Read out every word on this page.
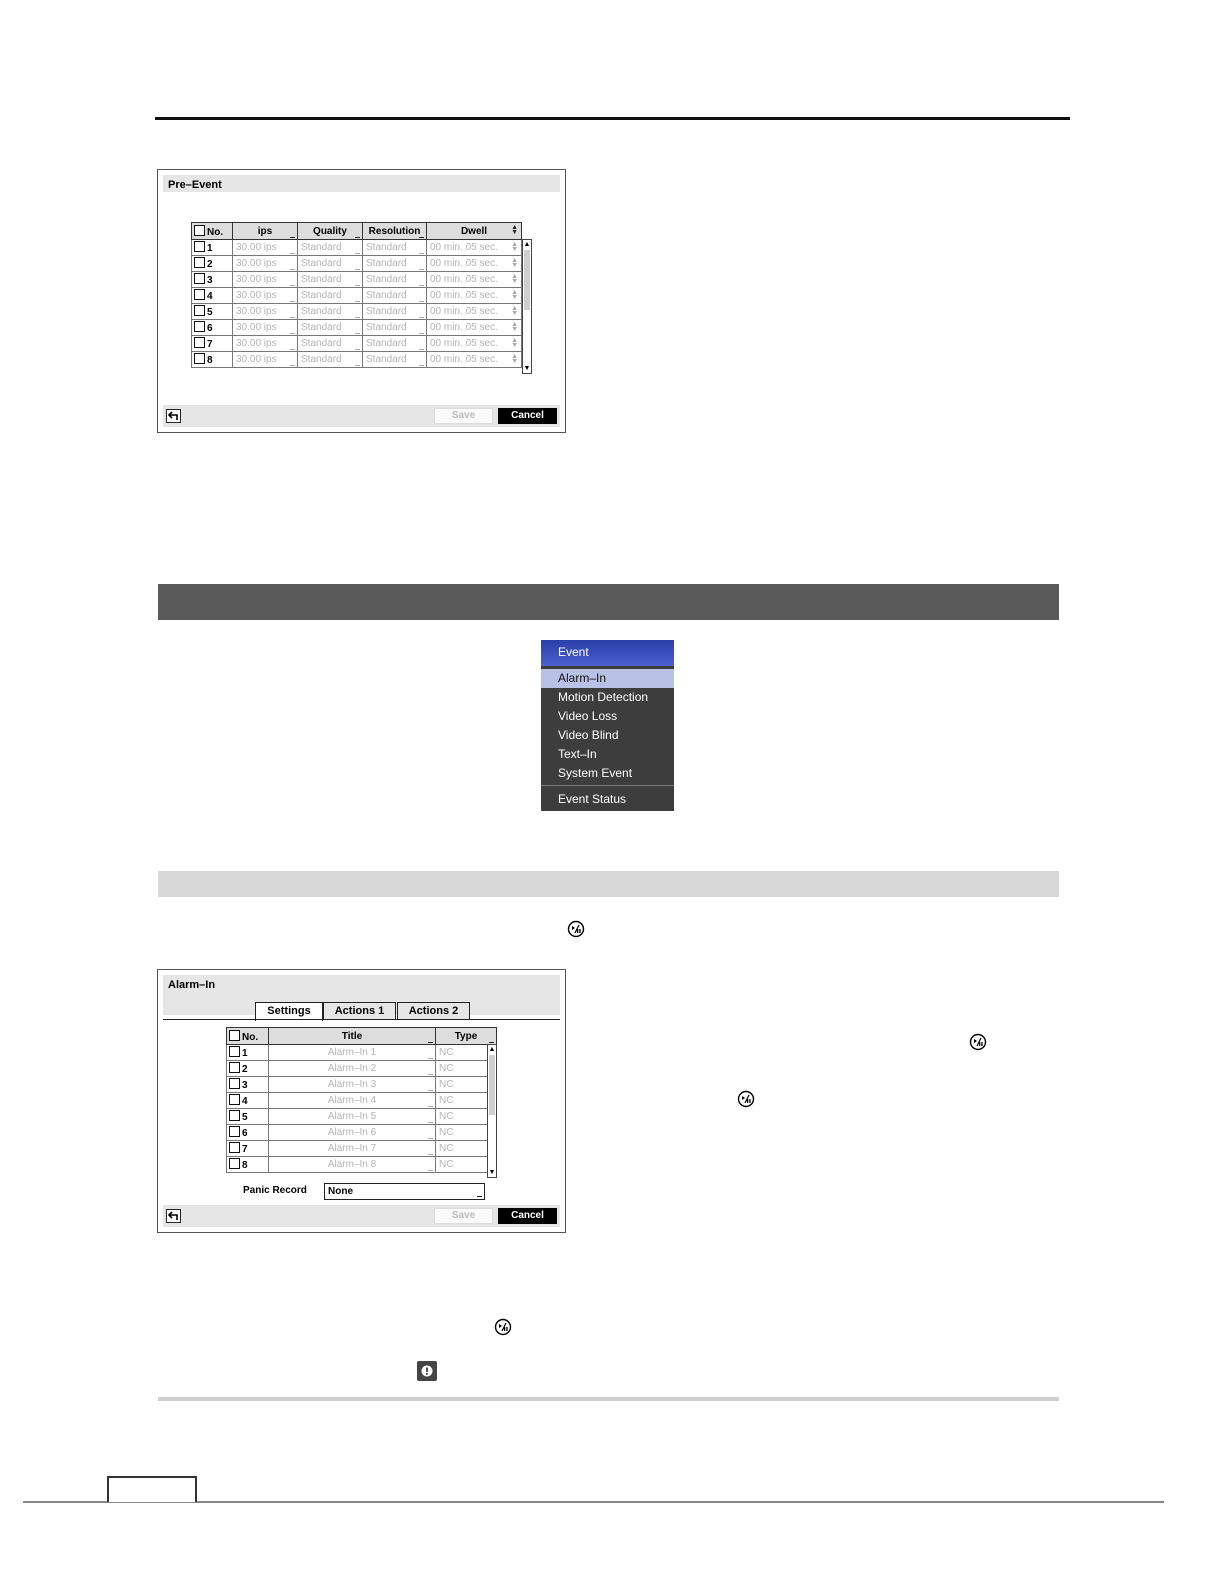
Pre–Event
No.	ips	Quality	Resolution	Dwell ▲
▼

1	30.00 ips	Standard	Standard	00 min. 05 sec. ▲
▼

2	30.00 ips	Standard	Standard	00 min. 05 sec. ▲
▼

3	30.00 ips	Standard	Standard	00 min. 05 sec. ▲
▼

4	30.00 ips	Standard	Standard	00 min. 05 sec. ▲
▼

5	30.00 ips	Standard	Standard	00 min. 05 sec. ▲
▼

6	30.00 ips	Standard	Standard	00 min. 05 sec. ▲
▼

7	30.00 ips	Standard	Standard	00 min. 05 sec. ▲
▼

8	30.00 ips	Standard	Standard	00 min. 05 sec. ▲
▼
▲
▼
Save	Cancel
Event
Alarm–In
Motion Detection
Video Loss
Video Blind
Text–In
System Event
Event Status
Alarm–In
Settings	Actions 1	Actions 2
No.	Title	Type

1	Alarm–In 1	NC

2	Alarm–In 2	NC

3	Alarm–In 3	NC

4	Alarm–In 4	NC

5	Alarm–In 5	NC

6	Alarm–In 6	NC

7	Alarm–In 7	NC

8	Alarm–In 8	NC
▲
▼
Panic Record	None
Save	Cancel
